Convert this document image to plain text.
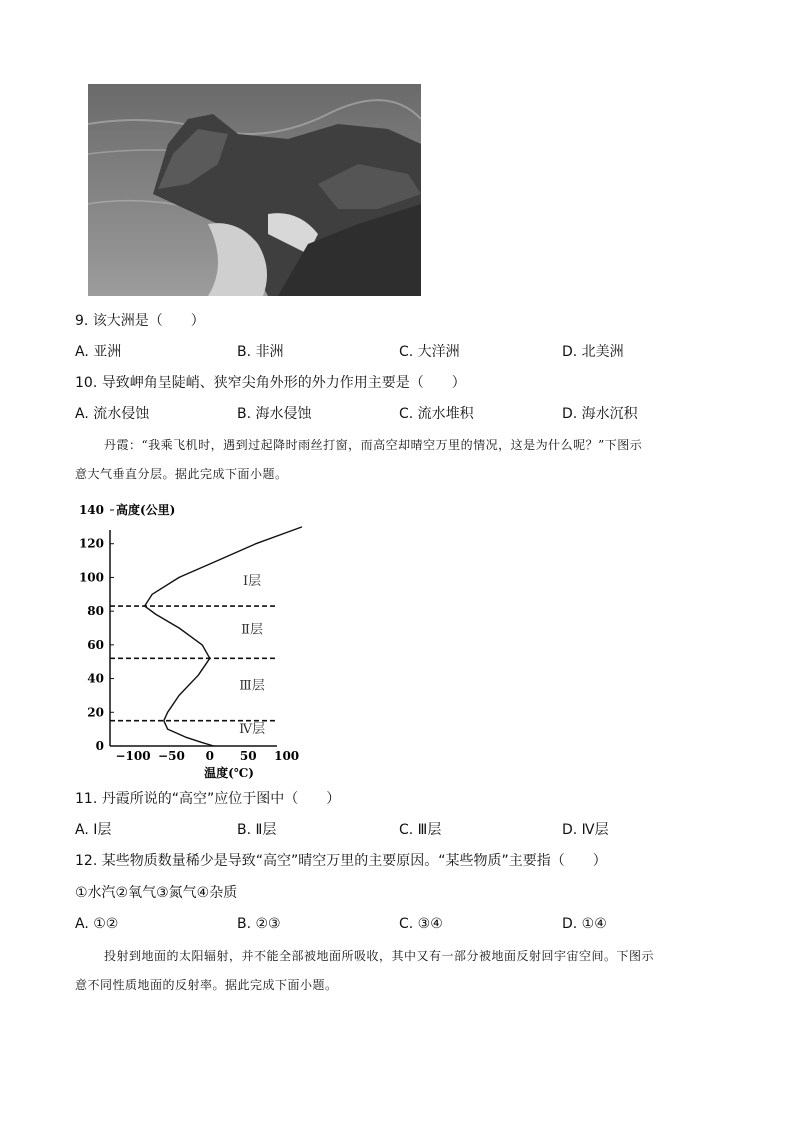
9. 该大洲是（　　）
A. 亚洲	B. 非洲	C. 大洋洲	D. 北美洲
10. 导致岬角呈陡峭、狭窄尖角外形的外力作用主要是（　　）
A. 流水侵蚀	B. 海水侵蚀	C. 流水堆积	D. 海水沉积
丹霞：“我乘飞机时，遇到过起降时雨丝打窗，而高空却晴空万里的情况，这是为什么呢？”下图示
意大气垂直分层。据此完成下面小题。
0
20
40
60
80
100
120
140
−100 −50 0 50 100
高度(公里)
温度(℃)
Ⅰ层
Ⅱ层
Ⅲ层
Ⅳ层
11. 丹霞所说的“高空”应位于图中（　　）
A. Ⅰ层	B. Ⅱ层	C. Ⅲ层	D. Ⅳ层
12. 某些物质数量稀少是导致“高空”晴空万里的主要原因。“某些物质”主要指（　　）
①水汽②氧气③氮气④杂质
A. ①②	B. ②③	C. ③④	D. ①④
投射到地面的太阳辐射，并不能全部被地面所吸收，其中又有一部分被地面反射回宇宙空间。下图示
意不同性质地面的反射率。据此完成下面小题。
